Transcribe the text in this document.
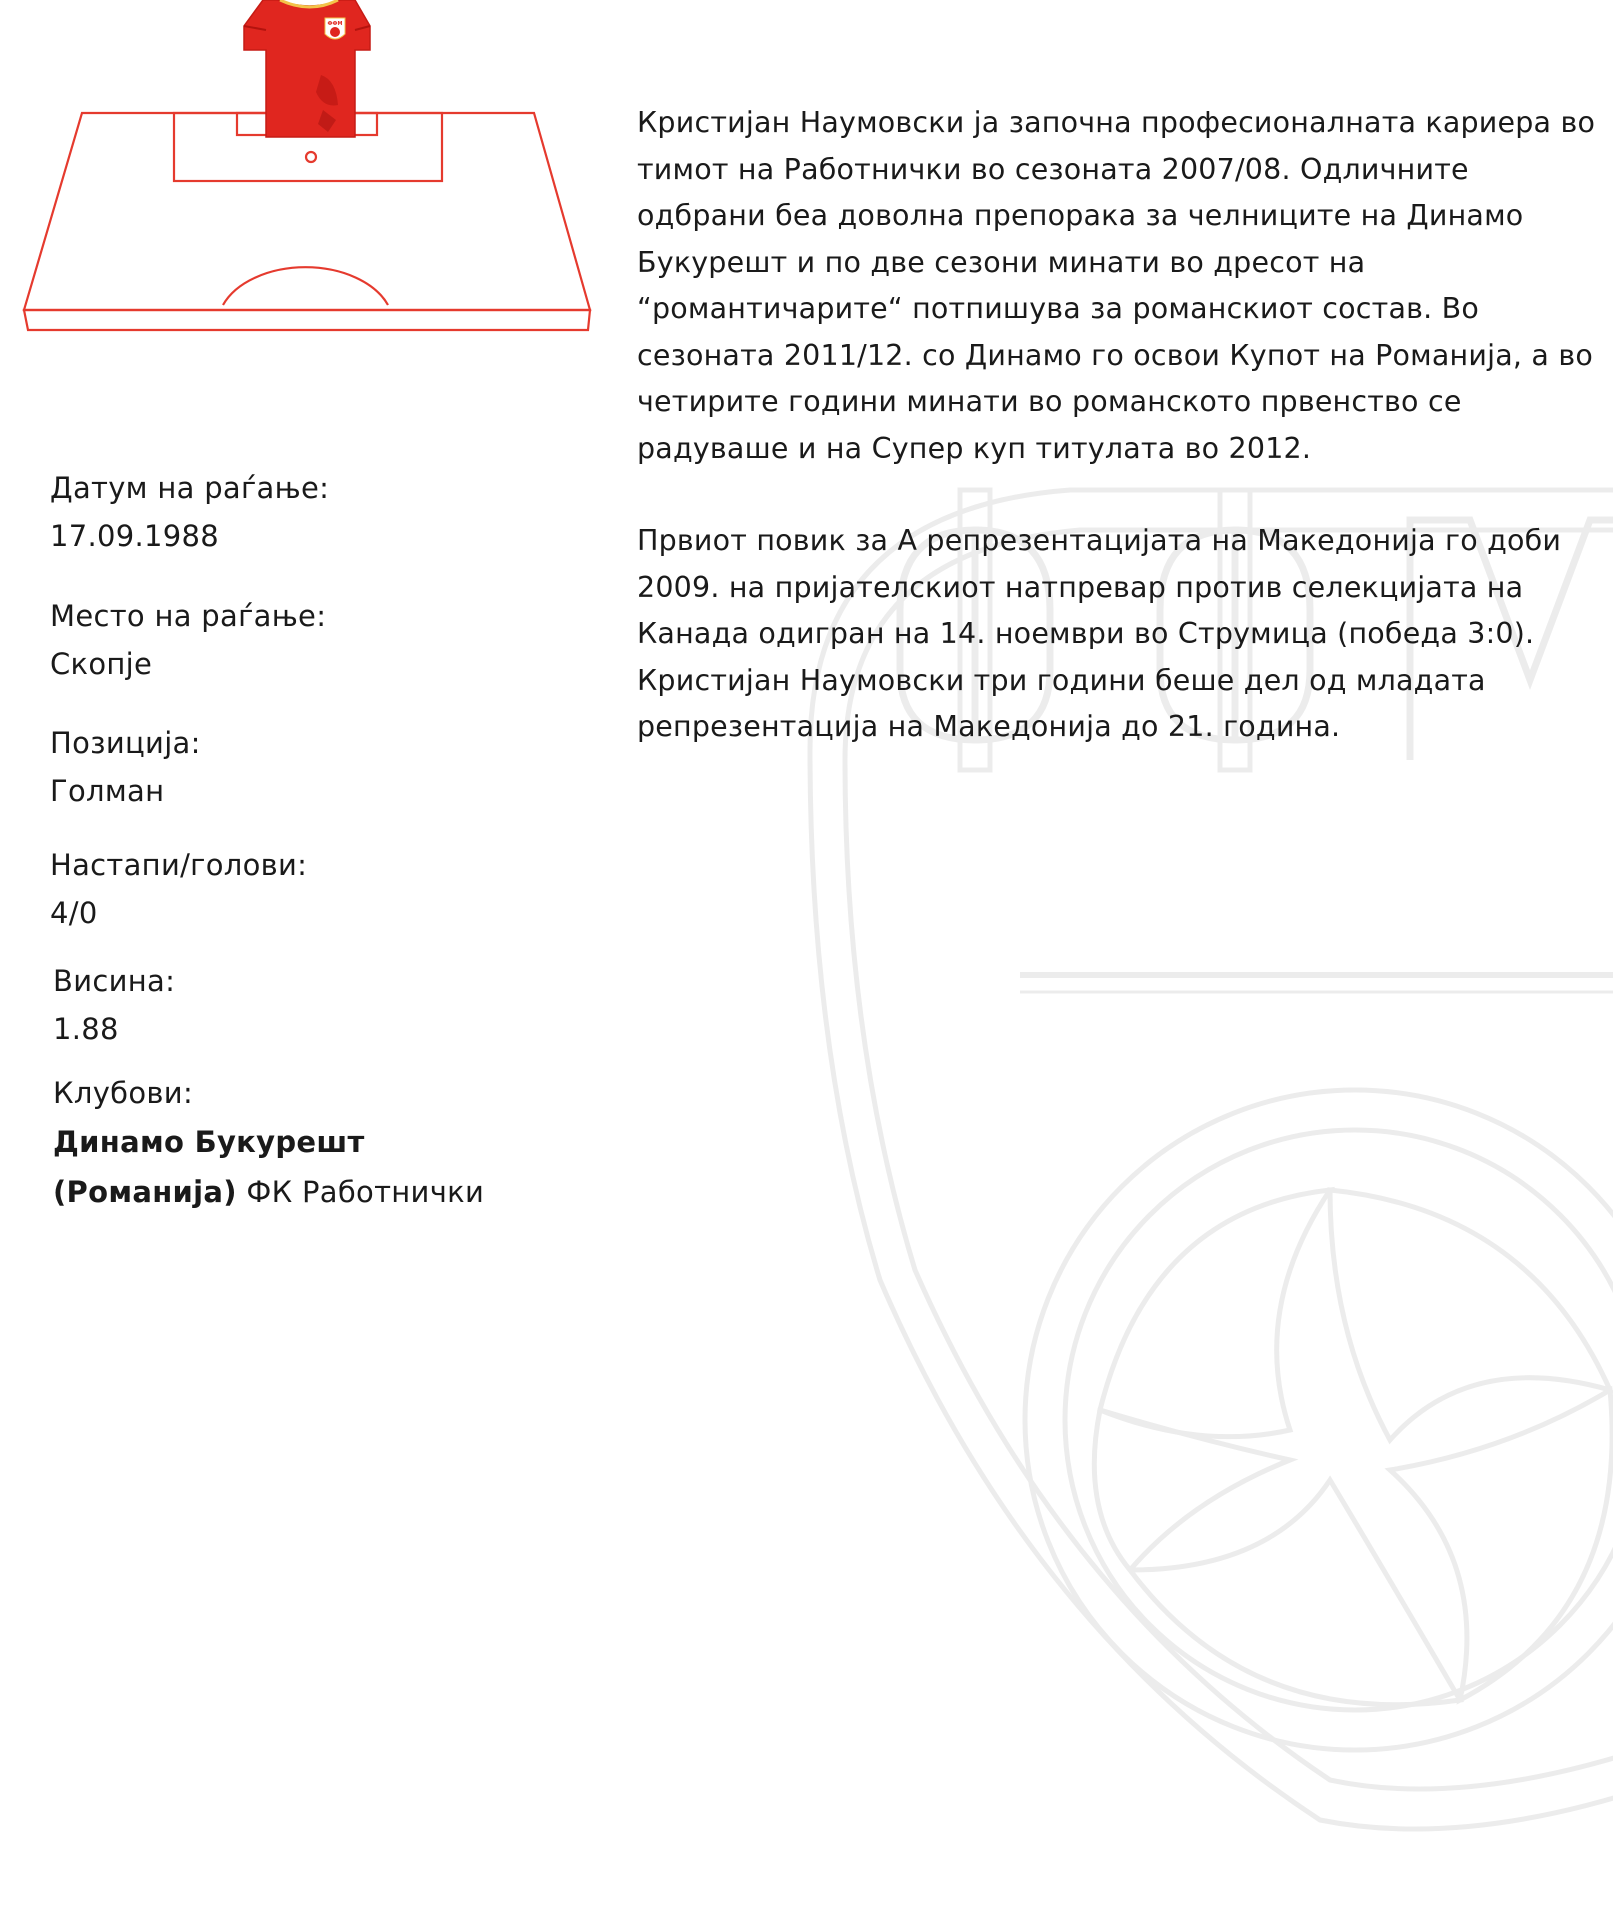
ФФМ
ФФМ

Кристијан Наумовски ја започна професионалната кариера во тимот на Работнички во сезоната 2007/08. Одличните одбрани беа доволна препорака за челниците на Динамо Букурешт и по две сезони минати во дресот на “романтичарите“ потпишува за романскиот состав. Во сезоната 2011/12. со Динамо го освои Купот на Романија, а во четирите години минати во романското првенство се радуваше и на Супер куп титулата во 2012.

Првиот повик за А репрезентацијата на Македонија го доби 2009. на пријателскиот натпревар против селекцијата на Канада одигран на 14. ноември во Струмица (победа 3:0). Кристијан Наумовски три години беше дел од младата репрезентација на Македонија до 21. година.

Датум на раѓање:
17.09.1988
Место на раѓање:
Скопје
Позиција:
Голман
Настапи/голови:
4/0
Висина:
1.88
Клубови:
Динамо Букурешт
(Романија) ФК Работнички
